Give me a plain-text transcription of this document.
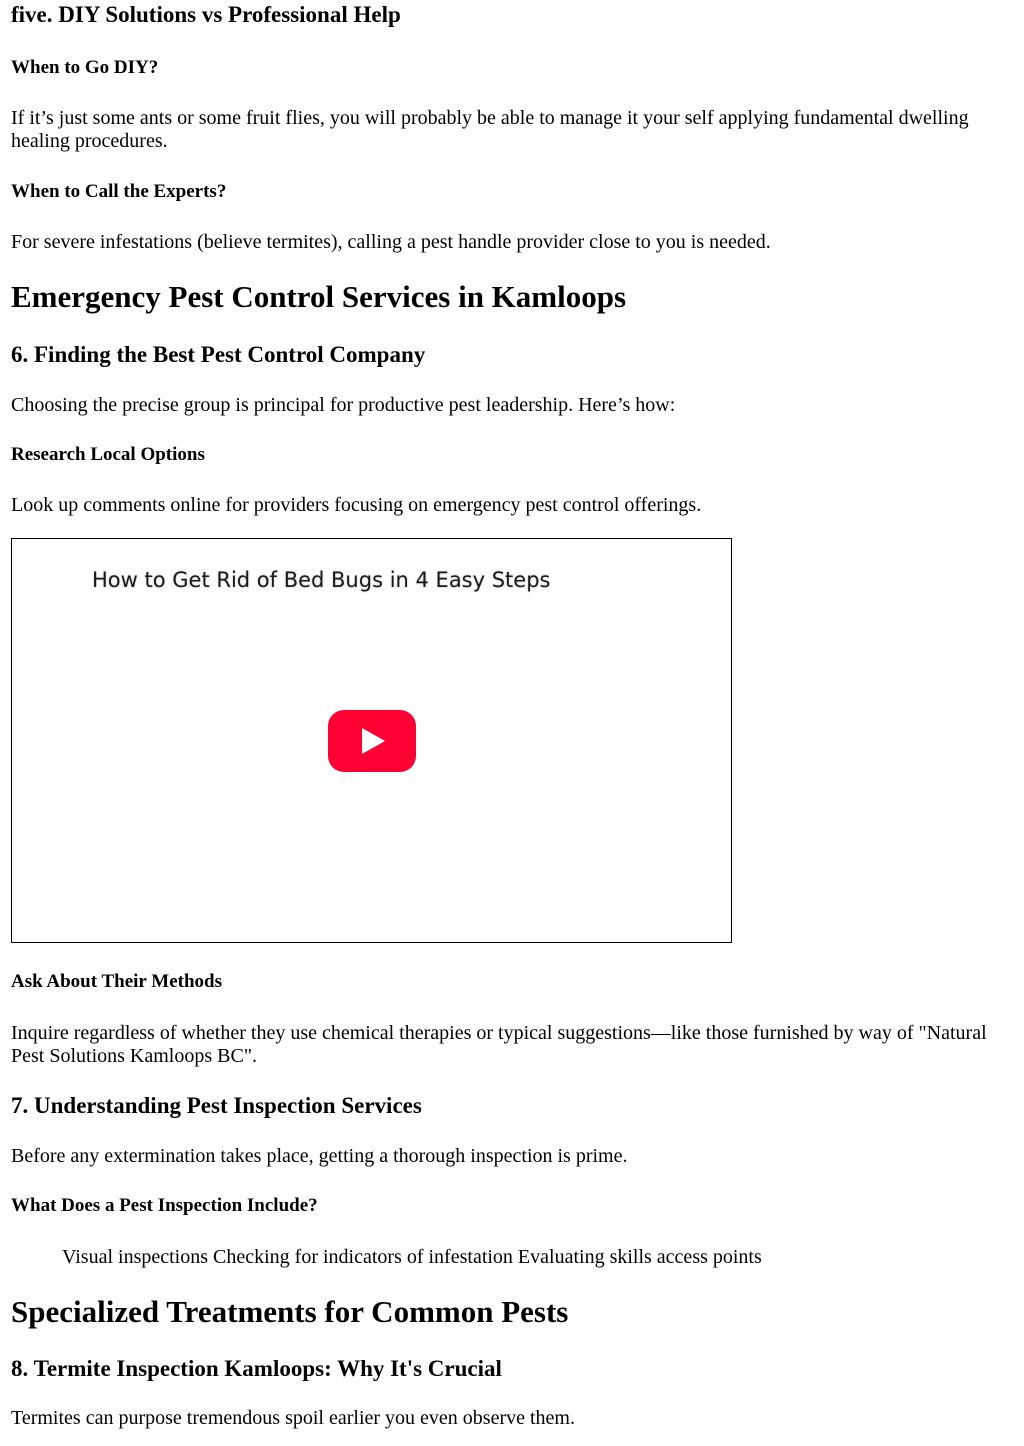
five. DIY Solutions vs Professional Help
When to Go DIY?

If it’s just some ants or some fruit flies, you will probably be able to manage it your self applying fundamental dwelling healing procedures.

When to Call the Experts?

For severe infestations (believe termites), calling a pest handle provider close to you is needed.

Emergency Pest Control Services in Kamloops
6. Finding the Best Pest Control Company

Choosing the precise group is principal for productive pest leadership. Here’s how:

Research Local Options

Look up comments online for providers focusing on emergency pest control offerings.

How to Get Rid of Bed Bugs in 4 Easy Steps

Ask About Their Methods

Inquire regardless of whether they use chemical therapies or typical suggestions—like those furnished by way of "Natural Pest Solutions Kamloops BC".

7. Understanding Pest Inspection Services

Before any extermination takes place, getting a thorough inspection is prime.

What Does a Pest Inspection Include?

Visual inspections Checking for indicators of infestation Evaluating skills access points

Specialized Treatments for Common Pests
8. Termite Inspection Kamloops: Why It's Crucial

Termites can purpose tremendous spoil earlier you even observe them.
